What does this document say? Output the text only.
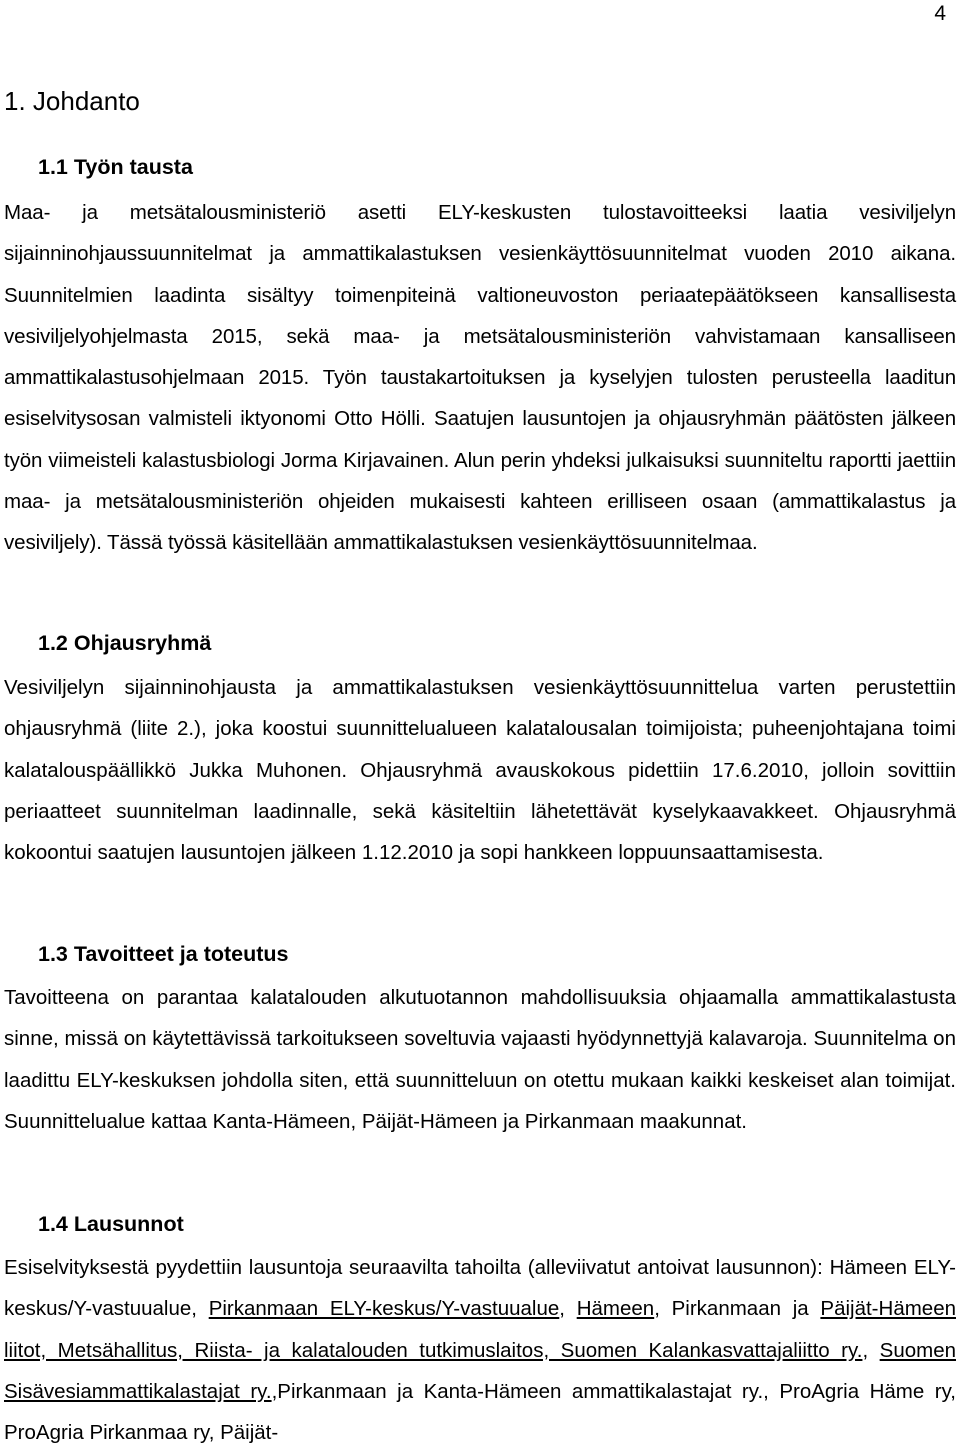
4
1. Johdanto
1.1 Työn tausta

Maa- ja metsätalousministeriö asetti ELY-keskusten tulostavoitteeksi laatia vesiviljelyn sijainninohjaussuunnitelmat ja ammattikalastuksen vesienkäyttösuunnitelmat vuoden 2010 aikana. Suunnitelmien laadinta sisältyy toimenpiteinä valtioneuvoston periaatepäätökseen kansallisesta vesiviljelyohjelmasta 2015, sekä maa- ja metsätalousministeriön vahvistamaan kansalliseen ammattikalastusohjelmaan 2015. Työn taustakartoituksen ja kyselyjen tulosten perusteella laaditun esiselvitysosan valmisteli iktyonomi Otto Hölli. Saatujen lausuntojen ja ohjausryhmän päätösten jälkeen työn viimeisteli kalastusbiologi Jorma Kirjavainen. Alun perin yhdeksi julkaisuksi suunniteltu raportti jaettiin maa- ja metsätalousministeriön ohjeiden mukaisesti kahteen erilliseen osaan (ammattikalastus ja vesiviljely). Tässä työssä käsitellään ammattikalastuksen vesienkäyttösuunnitelmaa.

1.2 Ohjausryhmä

Vesiviljelyn sijainninohjausta ja ammattikalastuksen vesienkäyttösuunnittelua varten perustettiin ohjausryhmä (liite 2.), joka koostui suunnittelualueen kalatalousalan toimijoista; puheenjohtajana toimi kalatalouspäällikkö Jukka Muhonen. Ohjausryhmä avauskokous pidettiin 17.6.2010, jolloin sovittiin periaatteet suunnitelman laadinnalle, sekä käsiteltiin lähetettävät kyselykaavakkeet. Ohjausryhmä kokoontui saatujen lausuntojen jälkeen 1.12.2010 ja sopi hankkeen loppuunsaattamisesta.

1.3 Tavoitteet ja toteutus

Tavoitteena on parantaa kalatalouden alkutuotannon mahdollisuuksia ohjaamalla ammattikalastusta sinne, missä on käytettävissä tarkoitukseen soveltuvia vajaasti hyödynnettyjä kalavaroja. Suunnitelma on laadittu ELY-keskuksen johdolla siten, että suunnitteluun on otettu mukaan kaikki keskeiset alan toimijat. Suunnittelualue kattaa Kanta-Hämeen, Päijät-Hämeen ja Pirkanmaan maakunnat.

1.4 Lausunnot

Esiselvityksestä pyydettiin lausuntoja seuraavilta tahoilta (alleviivatut antoivat lausunnon): Hämeen ELY-keskus/Y-vastuualue, Pirkanmaan ELY-keskus/Y-vastuualue, Hämeen, Pirkanmaan ja Päijät-Hämeen liitot, Metsähallitus, Riista- ja kalatalouden tutkimuslaitos, Suomen Kalankasvattajaliitto ry., Suomen Sisävesiammattikalastajat ry.,Pirkanmaan ja Kanta-Hämeen ammattikalastajat ry., ProAgria Häme ry, ProAgria Pirkanmaa ry, Päijät-
